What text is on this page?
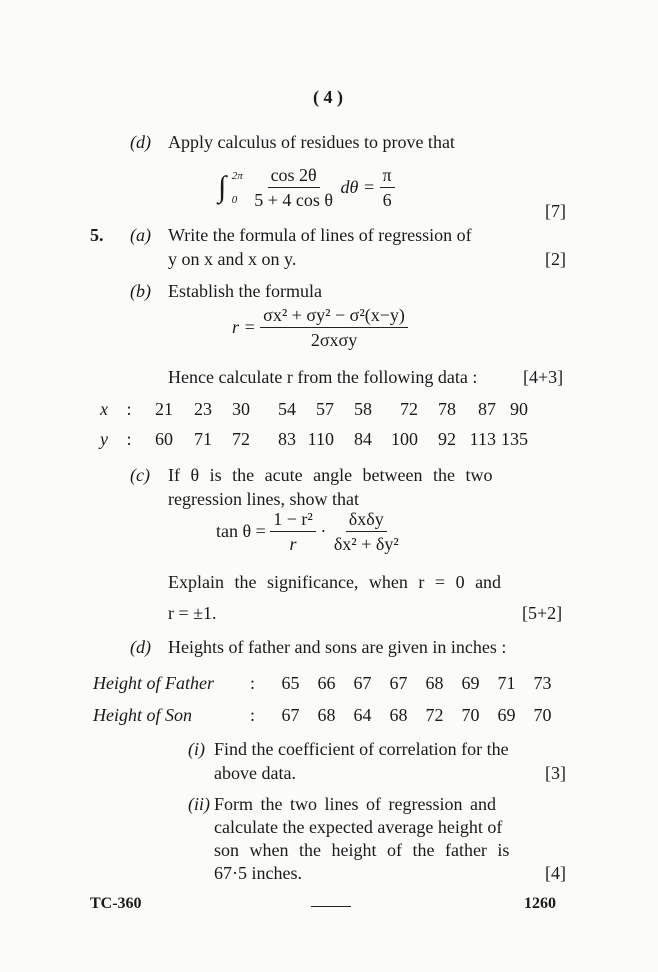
( 4 )
(d) Apply calculus of residues to prove that
∫ 2π
0
$\frac{\cos 2\theta}{\text{5 + 4 cos θ}}$ $d\theta = \frac{\pi}{6}$	[7]
5. (a) Write the formula of lines of regression of
y on x and x on y.	[2]
(b) Establish the formula
$r = \frac{\text{σx² + σy² − σ²(x−y)}}{\text{2σxσy}}$
Hence calculate r from the following data :	[4+3]
x : 21 23 30 54 57 58 72 78 87 90
y : 60 71 72 83 110 84 100 92 113 135
(c) If θ is the acute angle between the two
regression lines, show that
$\tan \theta = \frac{\text{1 − r²}}{r} \cdot \frac{\text{δxδy}}{\text{δx² + δy²}}$
Explain the significance, when r = 0 and
r = ±1.	[5+2]
(d) Heights of father and sons are given in inches :
Height of Father	65 66 67 67 68 69 71 73
:
Height of Son	67 68 64 68 72 70 69 70
:
(i) Find the coefficient of correlation for the
above data.	[3]
(ii) Form the two lines of regression and
calculate the expected average height of
son when the height of the father is
67·5 inches.	[4]
TC-360	1260
